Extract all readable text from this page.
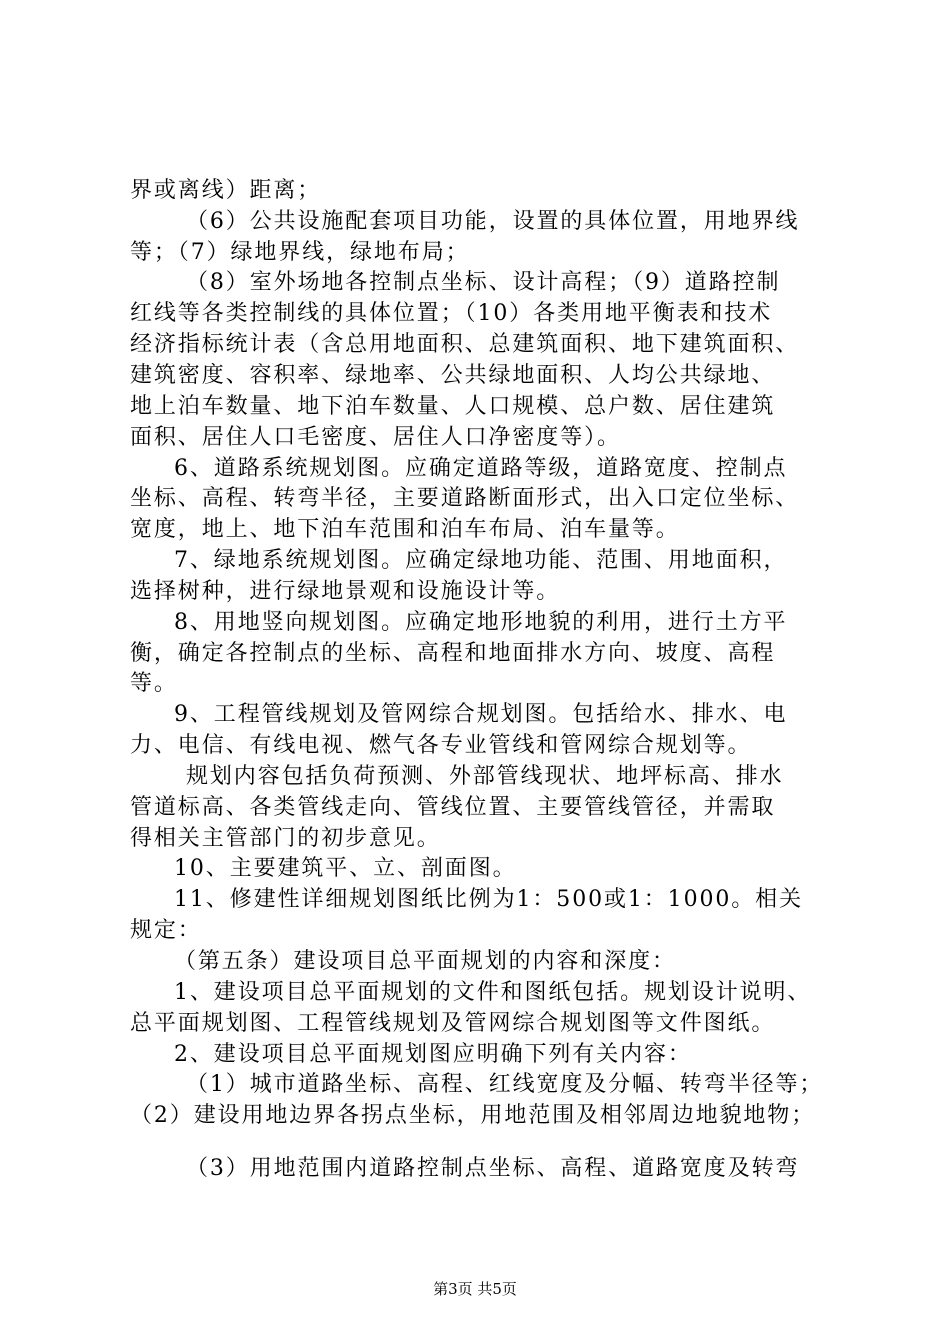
界或离线）距离；
（6）公共设施配套项目功能，设置的具体位置，用地界线
等；（7）绿地界线，绿地布局；
（8）室外场地各控制点坐标、设计高程；（9）道路控制
红线等各类控制线的具体位置；（10）各类用地平衡表和技术
经济指标统计表（含总用地面积、总建筑面积、地下建筑面积、
建筑密度、容积率、绿地率、公共绿地面积、人均公共绿地、
地上泊车数量、地下泊车数量、人口规模、总户数、居住建筑
面积、居住人口毛密度、居住人口净密度等）。
6、道路系统规划图。应确定道路等级，道路宽度、控制点
坐标、高程、转弯半径，主要道路断面形式，出入口定位坐标、
宽度，地上、地下泊车范围和泊车布局、泊车量等。
7、绿地系统规划图。应确定绿地功能、范围、用地面积，
选择树种，进行绿地景观和设施设计等。
8、用地竖向规划图。应确定地形地貌的利用，进行土方平
衡，确定各控制点的坐标、高程和地面排水方向、坡度、高程
等。
9、工程管线规划及管网综合规划图。包括给水、排水、电
力、电信、有线电视、燃气各专业管线和管网综合规划等。
规划内容包括负荷预测、外部管线现状、地坪标高、排水
管道标高、各类管线走向、管线位置、主要管线管径，并需取
得相关主管部门的初步意见。
10、主要建筑平、立、剖面图。
11、修建性详细规划图纸比例为1：500或1：1000。相关
规定：
（第五条）建设项目总平面规划的内容和深度：
1、建设项目总平面规划的文件和图纸包括。规划设计说明、
总平面规划图、工程管线规划及管网综合规划图等文件图纸。
2、建设项目总平面规划图应明确下列有关内容：
（1）城市道路坐标、高程、红线宽度及分幅、转弯半径等；
（2）建设用地边界各拐点坐标，用地范围及相邻周边地貌地物；
（3）用地范围内道路控制点坐标、高程、道路宽度及转弯
第3页 共5页
